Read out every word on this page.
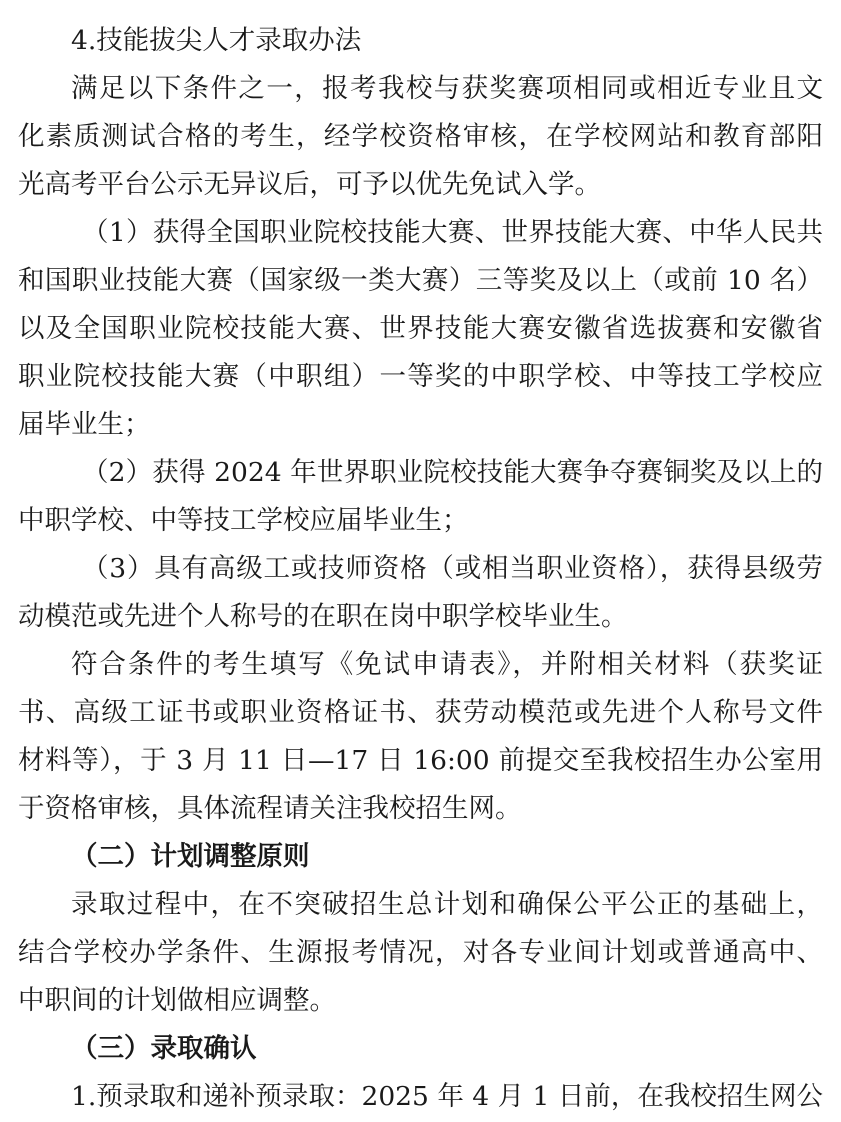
4.技能拔尖人才录取办法
满足以下条件之一，报考我校与获奖赛项相同或相近专业且文
化素质测试合格的考生，经学校资格审核，在学校网站和教育部阳
光高考平台公示无异议后，可予以优先免试入学。
（1）获得全国职业院校技能大赛、世界技能大赛、中华人民共
和国职业技能大赛（国家级一类大赛）三等奖及以上（或前 10 名）
以及全国职业院校技能大赛、世界技能大赛安徽省选拔赛和安徽省
职业院校技能大赛（中职组）一等奖的中职学校、中等技工学校应
届毕业生；
（2）获得 2024 年世界职业院校技能大赛争夺赛铜奖及以上的
中职学校、中等技工学校应届毕业生；
（3）具有高级工或技师资格（或相当职业资格），获得县级劳
动模范或先进个人称号的在职在岗中职学校毕业生。
符合条件的考生填写《免试申请表》，并附相关材料（获奖证
书、高级工证书或职业资格证书、获劳动模范或先进个人称号文件
材料等），于 3 月 11 日—17 日 16:00 前提交至我校招生办公室用
于资格审核，具体流程请关注我校招生网。
（二）计划调整原则
录取过程中，在不突破招生总计划和确保公平公正的基础上，
结合学校办学条件、生源报考情况，对各专业间计划或普通高中、
中职间的计划做相应调整。
（三）录取确认
1.预录取和递补预录取：2025 年 4 月 1 日前，在我校招生网公
